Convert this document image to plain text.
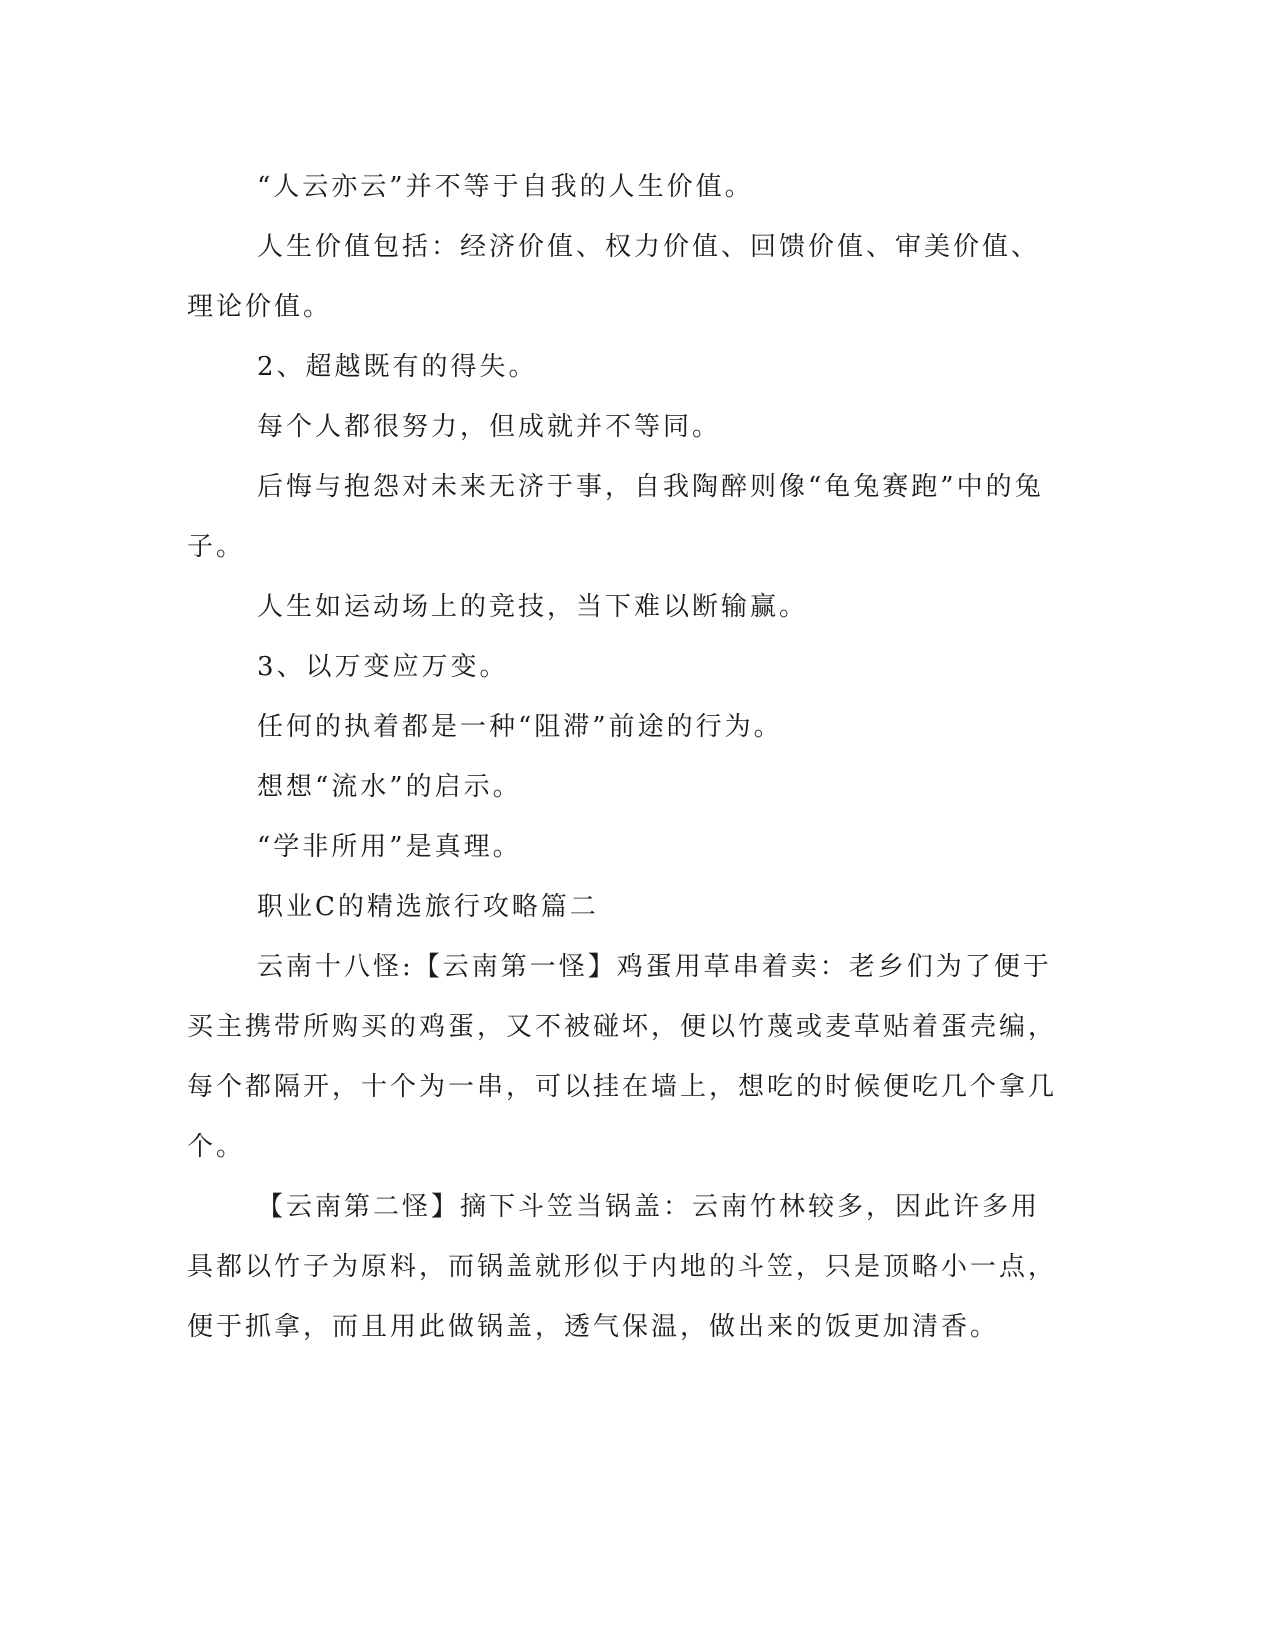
“人云亦云”并不等于自我的人生价值。

人生价值包括：经济价值、权力价值、回馈价值、审美价值、理论价值。

2、超越既有的得失。

每个人都很努力，但成就并不等同。

后悔与抱怨对未来无济于事，自我陶醉则像“龟兔赛跑”中的兔子。

人生如运动场上的竞技，当下难以断输赢。

3、以万变应万变。

任何的执着都是一种“阻滞”前途的行为。

想想“流水”的启示。

“学非所用”是真理。

职业C的精选旅行攻略篇二

云南十八怪:【云南第一怪】鸡蛋用草串着卖：老乡们为了便于买主携带所购买的鸡蛋，又不被碰坏，便以竹蔑或麦草贴着蛋壳编，每个都隔开，十个为一串，可以挂在墙上，想吃的时候便吃几个拿几个。

【云南第二怪】摘下斗笠当锅盖：云南竹林较多，因此许多用具都以竹子为原料，而锅盖就形似于内地的斗笠，只是顶略小一点，便于抓拿，而且用此做锅盖，透气保温，做出来的饭更加清香。
